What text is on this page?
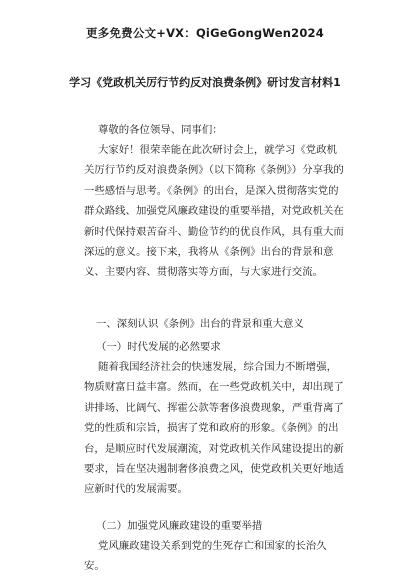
更多免费公文+VX：QiGeGongWen2024
学习《党政机关厉行节约反对浪费条例》研讨发言材料1

尊敬的各位领导、同事们：

大家好！很荣幸能在此次研讨会上，就学习《党政机关厉行节约反对浪费条例》（以下简称《条例》）分享我的一些感悟与思考。《条例》的出台，是深入贯彻落实党的群众路线、加强党风廉政建设的重要举措，对党政机关在新时代保持艰苦奋斗、勤俭节约的优良作风，具有重大而深远的意义。接下来，我将从《条例》出台的背景和意义、主要内容、贯彻落实等方面，与大家进行交流。

一、深刻认识《条例》出台的背景和重大意义

（一）时代发展的必然要求

随着我国经济社会的快速发展，综合国力不断增强，物质财富日益丰富。然而，在一些党政机关中，却出现了讲排场、比阔气、挥霍公款等奢侈浪费现象，严重背离了党的性质和宗旨，损害了党和政府的形象。《条例》的出台，是顺应时代发展潮流，对党政机关作风建设提出的新要求，旨在坚决遏制奢侈浪费之风，使党政机关更好地适应新时代的发展需要。

（二）加强党风廉政建设的重要举措

党风廉政建设关系到党的生死存亡和国家的长治久安。
